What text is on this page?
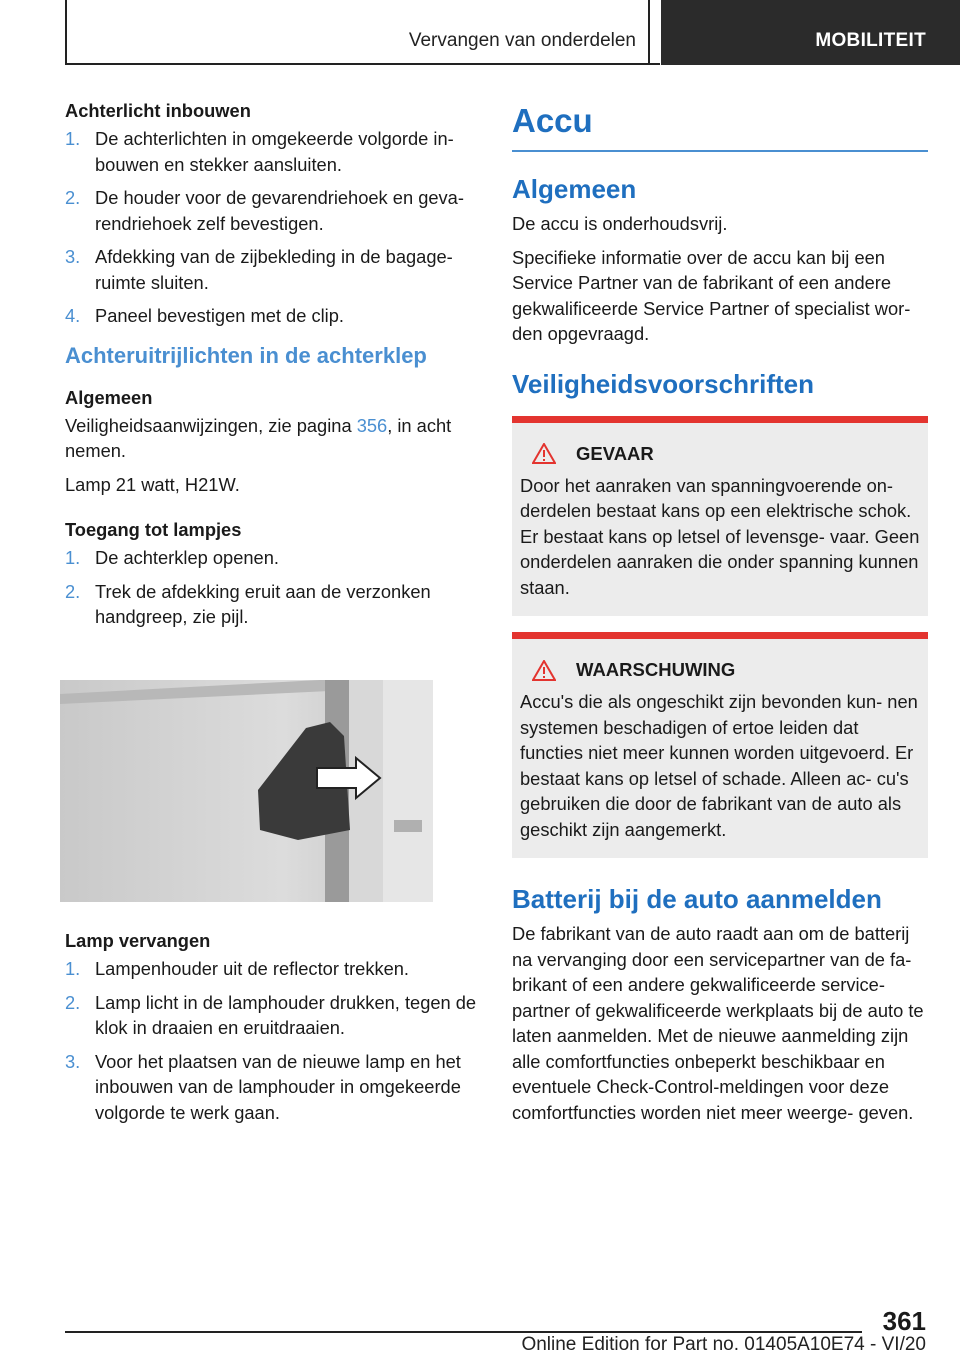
Vervangen van onderdelen	MOBILITEIT
Achterlicht inbouwen
1. De achterlichten in omgekeerde volgorde in- bouwen en stekker aansluiten.
2. De houder voor de gevarendriehoek en geva- rendriehoek zelf bevestigen.
3. Afdekking van de zijbekleding in de bagage- ruimte sluiten.
4. Paneel bevestigen met de clip.
Achteruitrijlichten in de achterklep
Algemeen

Veiligheidsaanwijzingen, zie pagina 356, in acht nemen.

Lamp 21 watt, H21W.

Toegang tot lampjes
1. De achterklep openen.
2. Trek de afdekking eruit aan de verzonken handgreep, zie pijl.
Lamp vervangen
1. Lampenhouder uit de reflector trekken.
2. Lamp licht in de lamphouder drukken, tegen de klok in draaien en eruitdraaien.
3. Voor het plaatsen van de nieuwe lamp en het inbouwen van de lamphouder in omgekeerde volgorde te werk gaan.
Accu
Algemeen

De accu is onderhoudsvrij.

Specifieke informatie over de accu kan bij een Service Partner van de fabrikant of een andere gekwalificeerde Service Partner of specialist wor- den opgevraagd.

Veiligheidsvoorschriften
GEVAAR

Door het aanraken van spanningvoerende on- derdelen bestaat kans op een elektrische schok. Er bestaat kans op letsel of levensge- vaar. Geen onderdelen aanraken die onder spanning kunnen staan.

WAARSCHUWING

Accu's die als ongeschikt zijn bevonden kun- nen systemen beschadigen of ertoe leiden dat functies niet meer kunnen worden uitgevoerd. Er bestaat kans op letsel of schade. Alleen ac- cu's gebruiken die door de fabrikant van de auto als geschikt zijn aangemerkt.

Batterij bij de auto aanmelden

De fabrikant van de auto raadt aan om de batterij na vervanging door een servicepartner van de fa- brikant of een andere gekwalificeerde service- partner of gekwalificeerde werkplaats bij de auto te laten aanmelden. Met de nieuwe aanmelding zijn alle comfortfuncties onbeperkt beschikbaar en eventuele Check-Control-meldingen voor deze comfortfuncties worden niet meer weerge- geven.

361
Online Edition for Part no. 01405A10E74 - VI/20
